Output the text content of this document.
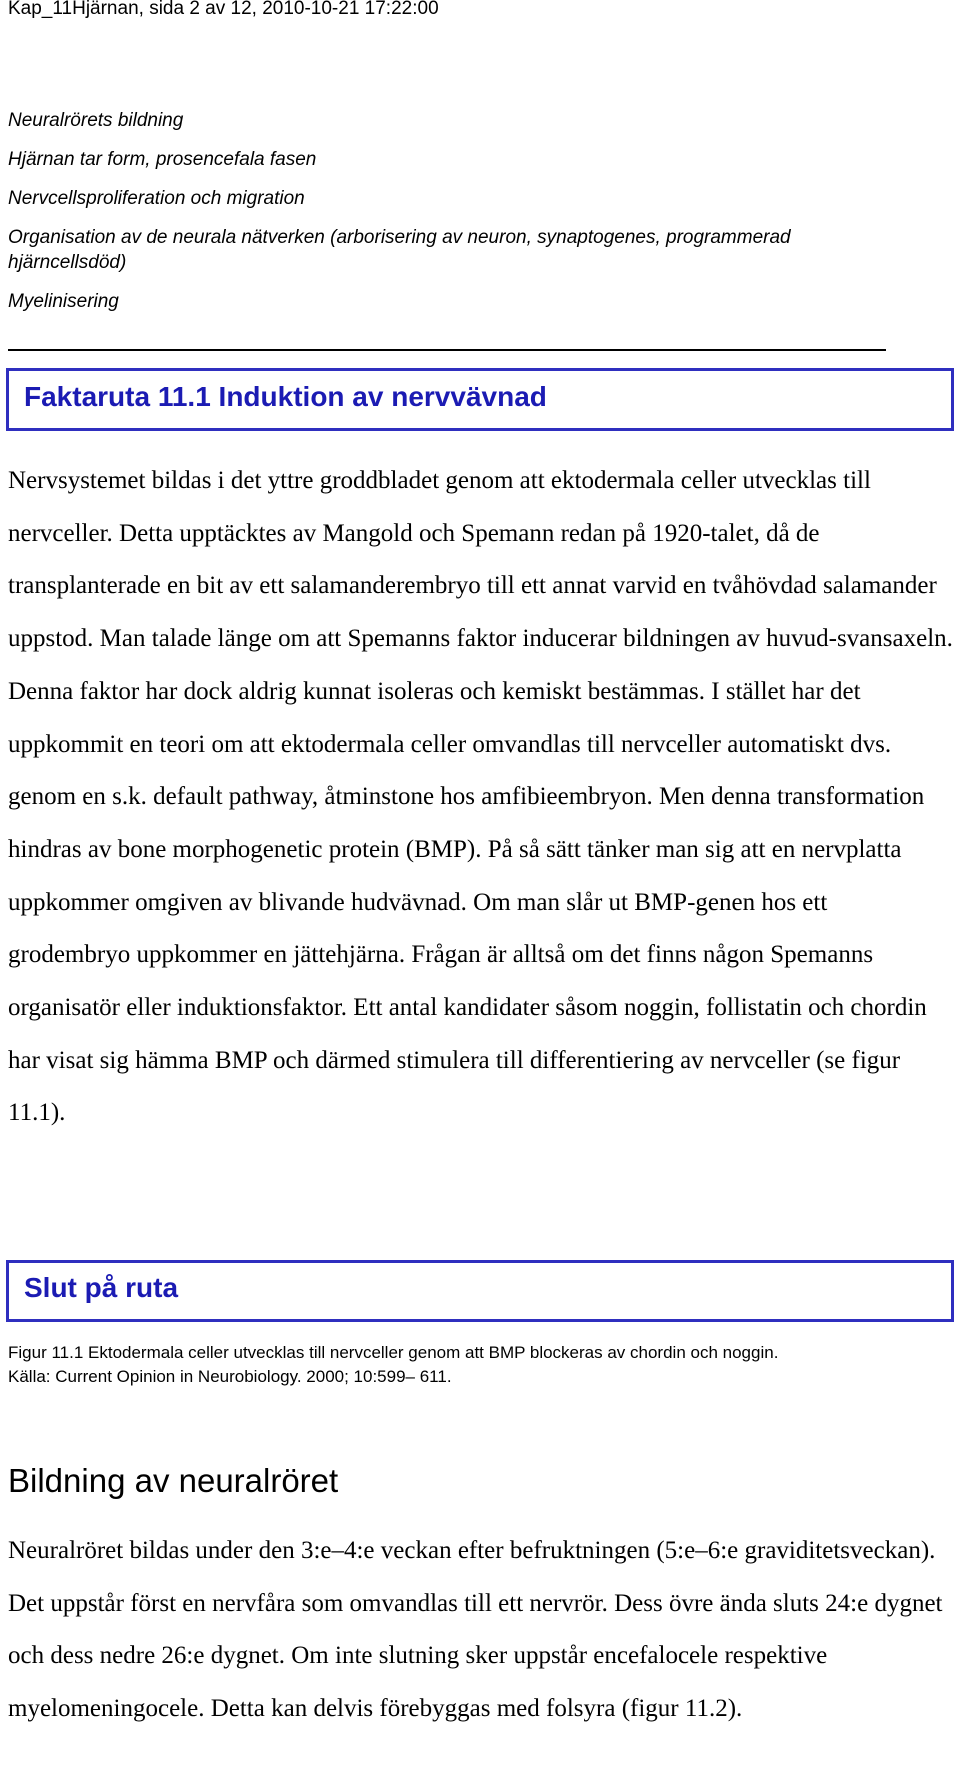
Kap_11Hjärnan, sida 2 av 12, 2010-10-21 17:22:00
Neuralrörets bildning
Hjärnan tar form, prosencefala fasen
Nervcellsproliferation och migration
Organisation av de neurala nätverken (arborisering av neuron, synaptogenes, programmerad hjärncellsdöd)
Myelinisering
Faktaruta 11.1 Induktion av nervvävnad
Nervsystemet bildas i det yttre groddbladet genom att ektodermala celler utvecklas till nervceller. Detta upptäcktes av Mangold och Spemann redan på 1920-talet, då de transplanterade en bit av ett salamanderembryo till ett annat varvid en tvåhövdad salamander uppstod. Man talade länge om att Spemanns faktor inducerar bildningen av huvud-svansaxeln. Denna faktor har dock aldrig kunnat isoleras och kemiskt bestämmas. I stället har det uppkommit en teori om att ektodermala celler omvandlas till nervceller automatiskt dvs. genom en s.k. default pathway, åtminstone hos amfibieembryon. Men denna transformation hindras av bone morphogenetic protein (BMP). På så sätt tänker man sig att en nervplatta uppkommer omgiven av blivande hudvävnad. Om man slår ut BMP-genen hos ett grodembryo uppkommer en jättehjärna. Frågan är alltså om det finns någon Spemanns organisatör eller induktionsfaktor. Ett antal kandidater såsom noggin, follistatin och chordin har visat sig hämma BMP och därmed stimulera till differentiering av nervceller (se figur 11.1).
Slut på ruta
Figur 11.1 Ektodermala celler utvecklas till nervceller genom att BMP blockeras av chordin och noggin.
Källa: Current Opinion in Neurobiology. 2000; 10:599– 611.
Bildning av neuralröret
Neuralröret bildas under den 3:e–4:e veckan efter befruktningen (5:e–6:e graviditetsveckan). Det uppstår först en nervfåra som omvandlas till ett nervrör. Dess övre ända sluts 24:e dygnet och dess nedre 26:e dygnet. Om inte slutning sker uppstår encefalocele respektive myelomeningocele. Detta kan delvis förebyggas med folsyra (figur 11.2).
